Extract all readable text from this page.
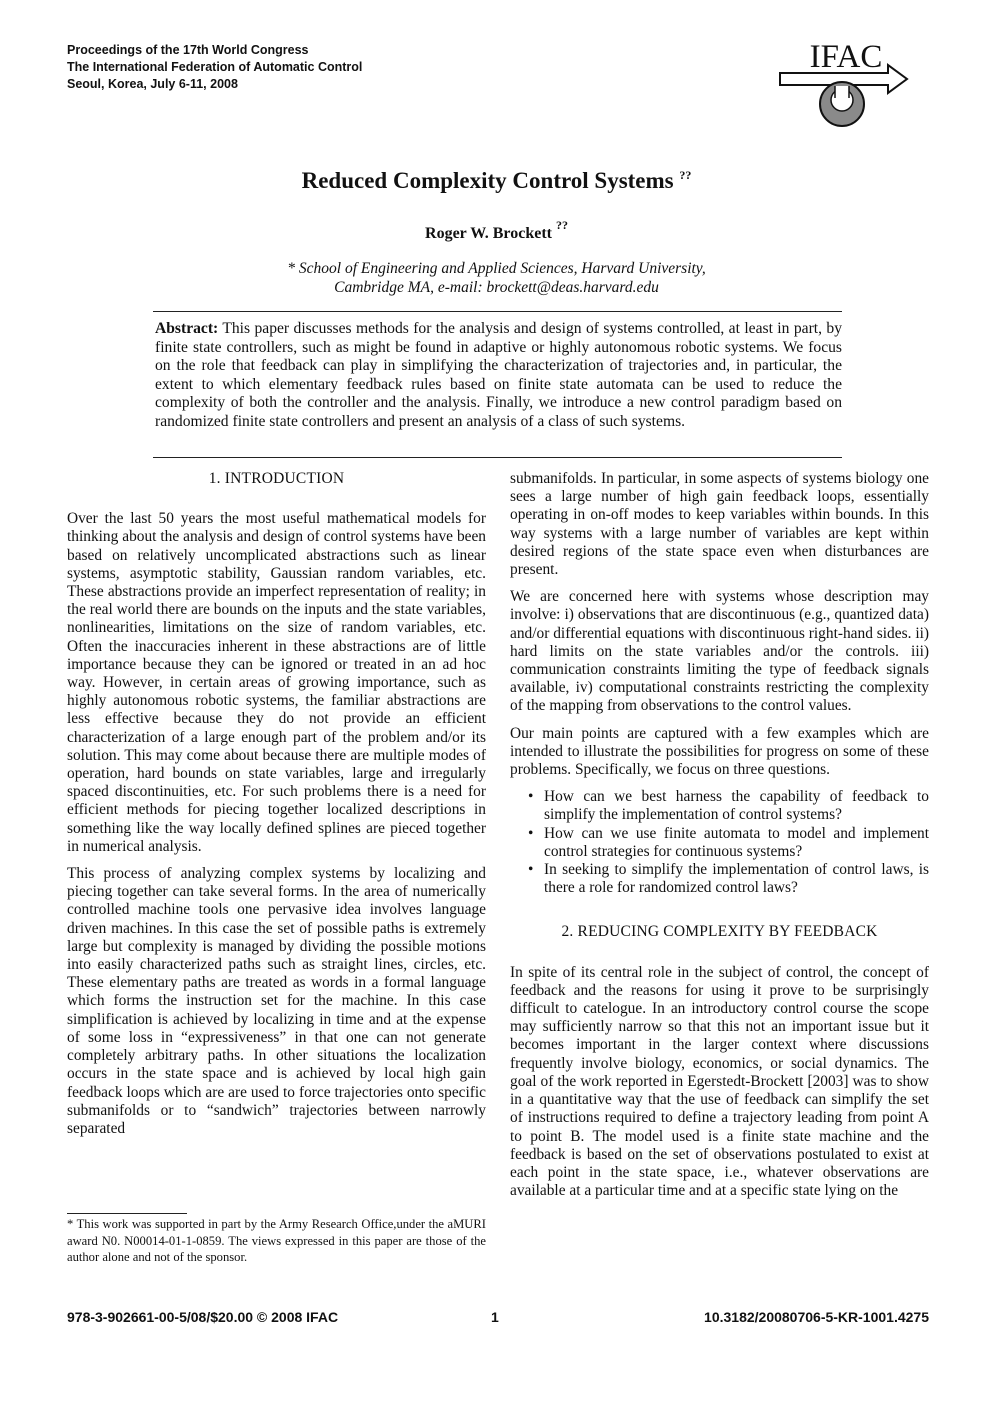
Proceedings of the 17th World Congress
The International Federation of Automatic Control
Seoul, Korea, July 6-11, 2008
IFAC
Reduced Complexity Control Systems ??
Roger W. Brockett ??
* School of Engineering and Applied Sciences, Harvard University,
Cambridge MA, e-mail: brockett@deas.harvard.edu
Abstract: This paper discusses methods for the analysis and design of systems controlled, at least in part, by finite state controllers, such as might be found in adaptive or highly autonomous robotic systems. We focus on the role that feedback can play in simplifying the characterization of trajectories and, in particular, the extent to which elementary feedback rules based on finite state automata can be used to reduce the complexity of both the controller and the analysis. Finally, we introduce a new control paradigm based on randomized finite state controllers and present an analysis of a class of such systems.
1. INTRODUCTION

Over the last 50 years the most useful mathematical models for thinking about the analysis and design of control systems have been based on relatively uncomplicated abstractions such as linear systems, asymptotic stability, Gaussian random variables, etc. These abstractions provide an imperfect representation of reality; in the real world there are bounds on the inputs and the state variables, nonlinearities, limitations on the size of random variables, etc. Often the inaccuracies inherent in these abstractions are of little importance because they can be ignored or treated in an ad hoc way. However, in certain areas of growing importance, such as highly autonomous robotic systems, the familiar abstractions are less effective because they do not provide an efficient characterization of a large enough part of the problem and/or its solution. This may come about because there are multiple modes of operation, hard bounds on state variables, large and irregularly spaced discontinuities, etc. For such problems there is a need for efficient methods for piecing together localized descriptions in something like the way locally defined splines are pieced together in numerical analysis.

This process of analyzing complex systems by localizing and piecing together can take several forms. In the area of numerically controlled machine tools one pervasive idea involves language driven machines. In this case the set of possible paths is extremely large but complexity is managed by dividing the possible motions into easily characterized paths such as straight lines, circles, etc. These elementary paths are treated as words in a formal language which forms the instruction set for the machine. In this case simplification is achieved by localizing in time and at the expense of some loss in “expressiveness” in that one can not generate completely arbitrary paths. In other situations the localization occurs in the state space and is achieved by local high gain feedback loops which are are used to force trajectories onto specific submanifolds or to “sandwich” trajectories between narrowly separated

submanifolds. In particular, in some aspects of systems biology one sees a large number of high gain feedback loops, essentially operating in on-off modes to keep variables within bounds. In this way systems with a large number of variables are kept within desired regions of the state space even when disturbances are present.

We are concerned here with systems whose description may involve: i) observations that are discontinuous (e.g., quantized data) and/or differential equations with discontinuous right-hand sides. ii) hard limits on the state variables and/or the controls. iii) communication constraints limiting the type of feedback signals available, iv) computational constraints restricting the complexity of the mapping from observations to the control values.

Our main points are captured with a few examples which are intended to illustrate the possibilities for progress on some of these problems. Specifically, we focus on three questions.

• How can we best harness the capability of feedback to simplify the implementation of control systems?
• How can we use finite automata to model and implement control strategies for continuous systems?
• In seeking to simplify the implementation of control laws, is there a role for randomized control laws?
2. REDUCING COMPLEXITY BY FEEDBACK

In spite of its central role in the subject of control, the concept of feedback and the reasons for using it prove to be surprisingly difficult to catelogue. In an introductory control course the scope may sufficiently narrow so that this not an important issue but it becomes important in the larger context where discussions frequently involve biology, economics, or social dynamics. The goal of the work reported in Egerstedt-Brockett [2003] was to show in a quantitative way that the use of feedback can simplify the set of instructions required to define a trajectory leading from point A to point B. The model used is a finite state machine and the feedback is based on the set of observations postulated to exist at each point in the state space, i.e., whatever observations are available at a particular time and at a specific state lying on the

* This work was supported in part by the Army Research Office,under the aMURI award N0. N00014-01-1-0859. The views expressed in this paper are those of the author alone and not of the sponsor.
978-3-902661-00-5/08/$20.00 © 2008 IFAC	1	10.3182/20080706-5-KR-1001.4275
